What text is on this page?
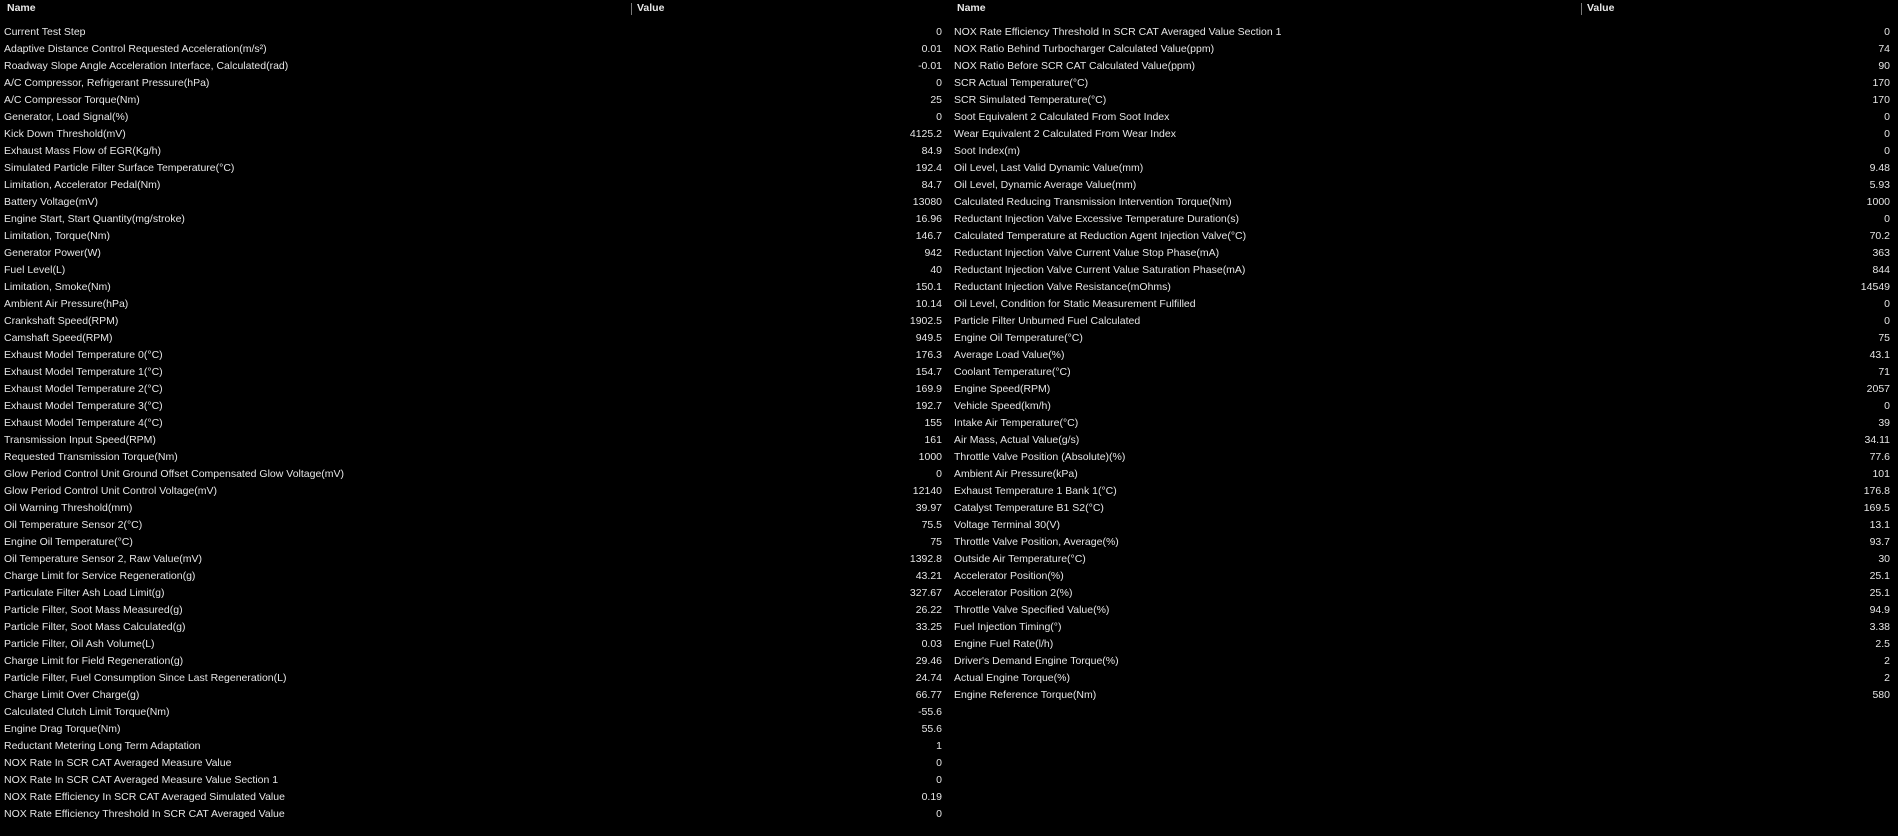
Name	Value
Current Test Step	0
Adaptive Distance Control Requested Acceleration(m/s²)	0.01
Roadway Slope Angle Acceleration Interface, Calculated(rad)	-0.01
A/C Compressor, Refrigerant Pressure(hPa)	0
A/C Compressor Torque(Nm)	25
Generator, Load Signal(%)	0
Kick Down Threshold(mV)	4125.2
Exhaust Mass Flow of EGR(Kg/h)	84.9
Simulated Particle Filter Surface Temperature(°C)	192.4
Limitation, Accelerator Pedal(Nm)	84.7
Battery Voltage(mV)	13080
Engine Start, Start Quantity(mg/stroke)	16.96
Limitation, Torque(Nm)	146.7
Generator Power(W)	942
Fuel Level(L)	40
Limitation, Smoke(Nm)	150.1
Ambient Air Pressure(hPa)	10.14
Crankshaft Speed(RPM)	1902.5
Camshaft Speed(RPM)	949.5
Exhaust Model Temperature 0(°C)	176.3
Exhaust Model Temperature 1(°C)	154.7
Exhaust Model Temperature 2(°C)	169.9
Exhaust Model Temperature 3(°C)	192.7
Exhaust Model Temperature 4(°C)	155
Transmission Input Speed(RPM)	161
Requested Transmission Torque(Nm)	1000
Glow Period Control Unit Ground Offset Compensated Glow Voltage(mV)	0
Glow Period Control Unit Control Voltage(mV)	12140
Oil Warning Threshold(mm)	39.97
Oil Temperature Sensor 2(°C)	75.5
Engine Oil Temperature(°C)	75
Oil Temperature Sensor 2, Raw Value(mV)	1392.8
Charge Limit for Service Regeneration(g)	43.21
Particulate Filter Ash Load Limit(g)	327.67
Particle Filter, Soot Mass Measured(g)	26.22
Particle Filter, Soot Mass Calculated(g)	33.25
Particle Filter, Oil Ash Volume(L)	0.03
Charge Limit for Field Regeneration(g)	29.46
Particle Filter, Fuel Consumption Since Last Regeneration(L)	24.74
Charge Limit Over Charge(g)	66.77
Calculated Clutch Limit Torque(Nm)	-55.6
Engine Drag Torque(Nm)	55.6
Reductant Metering Long Term Adaptation	1
NOX Rate In SCR CAT Averaged Measure Value	0
NOX Rate In SCR CAT Averaged Measure Value Section 1	0
NOX Rate Efficiency In SCR CAT Averaged Simulated Value	0.19
NOX Rate Efficiency Threshold In SCR CAT Averaged Value	0
Name	Value
NOX Rate Efficiency Threshold In SCR CAT Averaged Value Section 1	0
NOX Ratio Behind Turbocharger Calculated Value(ppm)	74
NOX Ratio Before SCR CAT Calculated Value(ppm)	90
SCR Actual Temperature(°C)	170
SCR Simulated Temperature(°C)	170
Soot Equivalent 2 Calculated From Soot Index	0
Wear Equivalent 2 Calculated From Wear Index	0
Soot Index(m)	0
Oil Level, Last Valid Dynamic Value(mm)	9.48
Oil Level, Dynamic Average Value(mm)	5.93
Calculated Reducing Transmission Intervention Torque(Nm)	1000
Reductant Injection Valve Excessive Temperature Duration(s)	0
Calculated Temperature at Reduction Agent Injection Valve(°C)	70.2
Reductant Injection Valve Current Value Stop Phase(mA)	363
Reductant Injection Valve Current Value Saturation Phase(mA)	844
Reductant Injection Valve Resistance(mOhms)	14549
Oil Level, Condition for Static Measurement Fulfilled	0
Particle Filter Unburned Fuel Calculated	0
Engine Oil Temperature(°C)	75
Average Load Value(%)	43.1
Coolant Temperature(°C)	71
Engine Speed(RPM)	2057
Vehicle Speed(km/h)	0
Intake Air Temperature(°C)	39
Air Mass, Actual Value(g/s)	34.11
Throttle Valve Position (Absolute)(%)	77.6
Ambient Air Pressure(kPa)	101
Exhaust Temperature 1 Bank 1(°C)	176.8
Catalyst Temperature B1 S2(°C)	169.5
Voltage Terminal 30(V)	13.1
Throttle Valve Position, Average(%)	93.7
Outside Air Temperature(°C)	30
Accelerator Position(%)	25.1
Accelerator Position 2(%)	25.1
Throttle Valve Specified Value(%)	94.9
Fuel Injection Timing(°)	3.38
Engine Fuel Rate(l/h)	2.5
Driver's Demand Engine Torque(%)	2
Actual Engine Torque(%)	2
Engine Reference Torque(Nm)	580
